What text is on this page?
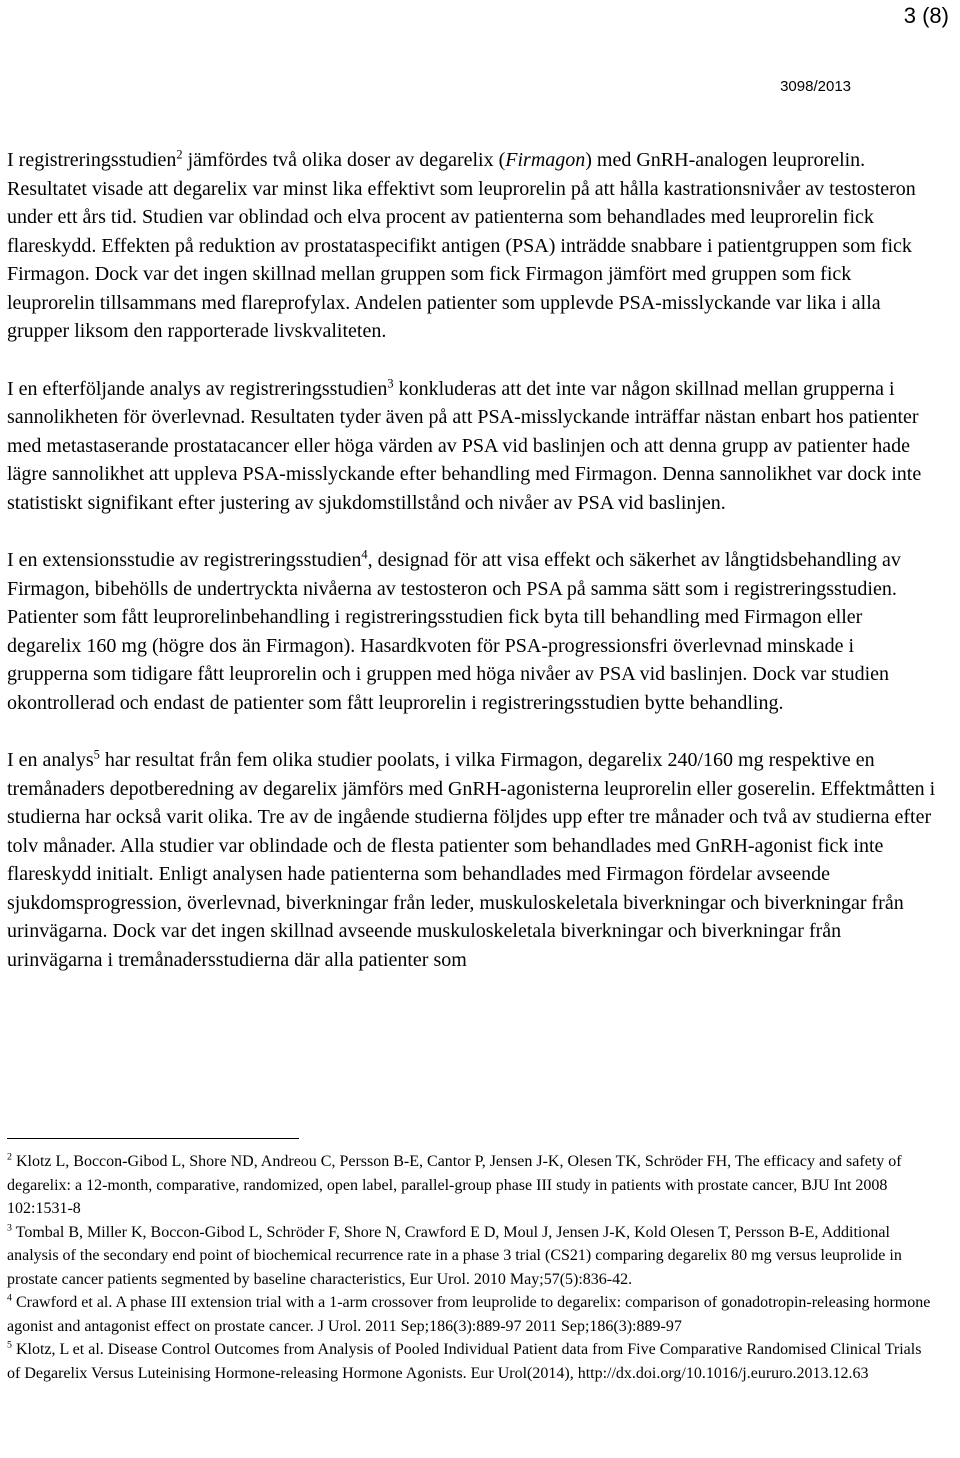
3 (8)
3098/2013

I registreringsstudien$^2$ jämfördes två olika doser av degarelix (Firmagon) med GnRH-analogen leuprorelin. Resultatet visade att degarelix var minst lika effektivt som leuprorelin på att hålla kastrationsnivåer av testosteron under ett års tid. Studien var oblindad och elva procent av patienterna som behandlades med leuprorelin fick flareskydd. Effekten på reduktion av prostataspecifikt antigen (PSA) inträdde snabbare i patientgruppen som fick Firmagon. Dock var det ingen skillnad mellan gruppen som fick Firmagon jämfört med gruppen som fick leuprorelin tillsammans med flareprofylax. Andelen patienter som upplevde PSA-misslyckande var lika i alla grupper liksom den rapporterade livskvaliteten.

I en efterföljande analys av registreringsstudien$^3$ konkluderas att det inte var någon skillnad mellan grupperna i sannolikheten för överlevnad. Resultaten tyder även på att PSA-misslyckande inträffar nästan enbart hos patienter med metastaserande prostatacancer eller höga värden av PSA vid baslinjen och att denna grupp av patienter hade lägre sannolikhet att uppleva PSA-misslyckande efter behandling med Firmagon. Denna sannolikhet var dock inte statistiskt signifikant efter justering av sjukdomstillstånd och nivåer av PSA vid baslinjen.

I en extensionsstudie av registreringsstudien$^4$, designad för att visa effekt och säkerhet av långtidsbehandling av Firmagon, bibehölls de undertryckta nivåerna av testosteron och PSA på samma sätt som i registreringsstudien. Patienter som fått leuprorelinbehandling i registreringsstudien fick byta till behandling med Firmagon eller degarelix 160 mg (högre dos än Firmagon). Hasardkvoten för PSA-progressionsfri överlevnad minskade i grupperna som tidigare fått leuprorelin och i gruppen med höga nivåer av PSA vid baslinjen. Dock var studien okontrollerad och endast de patienter som fått leuprorelin i registreringsstudien bytte behandling.

I en analys$^5$ har resultat från fem olika studier poolats, i vilka Firmagon, degarelix 240/160 mg respektive en tremånaders depotberedning av degarelix jämförs med GnRH-agonisterna leuprorelin eller goserelin. Effektmåtten i studierna har också varit olika. Tre av de ingående studierna följdes upp efter tre månader och två av studierna efter tolv månader. Alla studier var oblindade och de flesta patienter som behandlades med GnRH-agonist fick inte flareskydd initialt. Enligt analysen hade patienterna som behandlades med Firmagon fördelar avseende sjukdomsprogression, överlevnad, biverkningar från leder, muskuloskeletala biverkningar och biverkningar från urinvägarna. Dock var det ingen skillnad avseende muskuloskeletala biverkningar och biverkningar från urinvägarna i tremånadersstudierna där alla patienter som

$^2$ Klotz L, Boccon-Gibod L, Shore ND, Andreou C, Persson B-E, Cantor P, Jensen J-K, Olesen TK, Schröder FH, The efficacy and safety of degarelix: a 12-month, comparative, randomized, open label, parallel-group phase III study in patients with prostate cancer, BJU Int 2008 102:1531-8

$^3$ Tombal B, Miller K, Boccon-Gibod L, Schröder F, Shore N, Crawford E D, Moul J, Jensen J-K, Kold Olesen T, Persson B-E, Additional analysis of the secondary end point of biochemical recurrence rate in a phase 3 trial (CS21) comparing degarelix 80 mg versus leuprolide in prostate cancer patients segmented by baseline characteristics, Eur Urol. 2010 May;57(5):836-42.

$^4$ Crawford et al. A phase III extension trial with a 1-arm crossover from leuprolide to degarelix: comparison of gonadotropin-releasing hormone agonist and antagonist effect on prostate cancer. J Urol. 2011 Sep;186(3):889-97 2011 Sep;186(3):889-97

$^5$ Klotz, L et al. Disease Control Outcomes from Analysis of Pooled Individual Patient data from Five Comparative Randomised Clinical Trials of Degarelix Versus Luteinising Hormone-releasing Hormone Agonists. Eur Urol(2014), http://dx.doi.org/10.1016/j.eururo.2013.12.63
